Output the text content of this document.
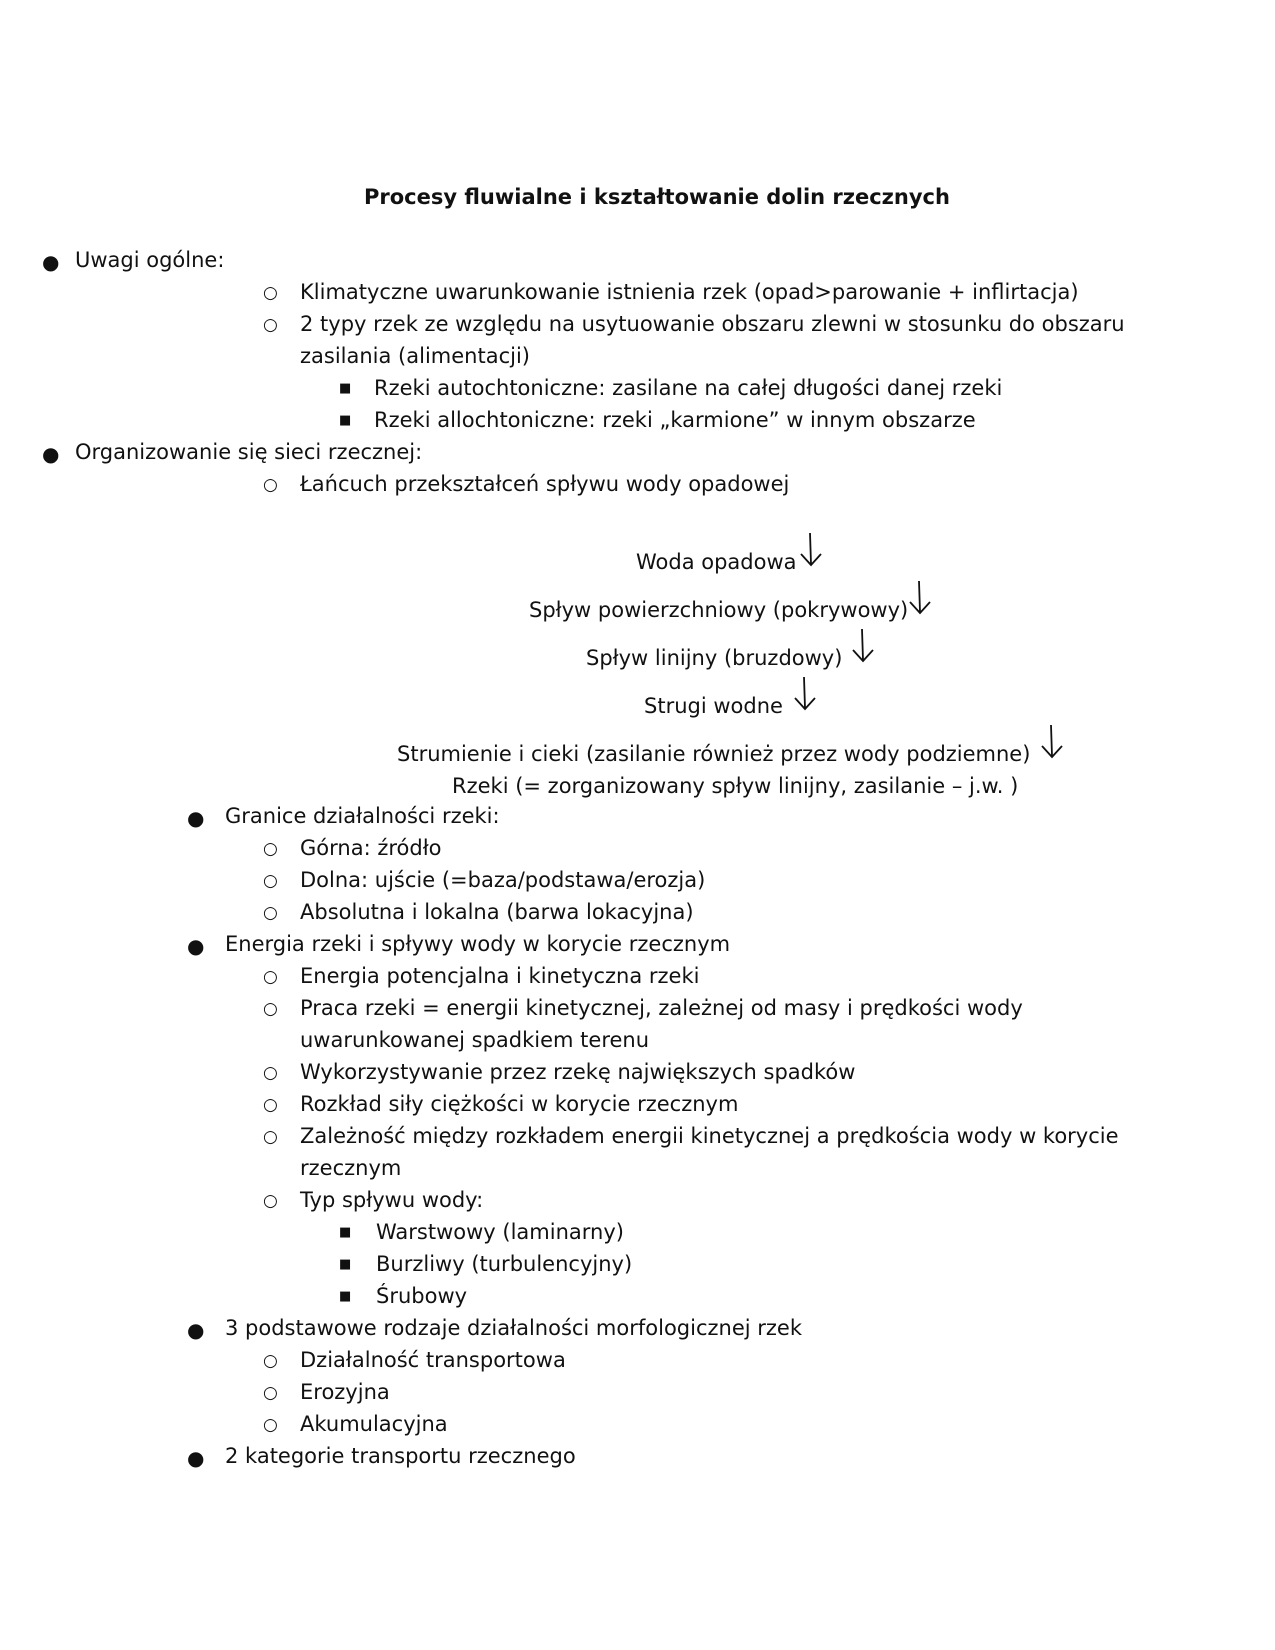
Procesy fluwialne i kształtowanie dolin rzecznych
● Uwagi ogólne:
○ Klimatyczne uwarunkowanie istnienia rzek (opad>parowanie + inflirtacja)
○ 2 typy rzek ze względu na usytuowanie obszaru zlewni w stosunku do obszaru
zasilania (alimentacji)
■ Rzeki autochtoniczne: zasilane na całej długości danej rzeki
■ Rzeki allochtoniczne: rzeki „karmione” w innym obszarze
● Organizowanie się sieci rzecznej:
○ Łańcuch przekształceń spływu wody opadowej
Woda opadowa
Spływ powierzchniowy (pokrywowy)
Spływ linijny (bruzdowy)
Strugi wodne
Strumienie i cieki (zasilanie również przez wody podziemne)
Rzeki (= zorganizowany spływ linijny, zasilanie – j.w. )
● Granice działalności rzeki:
○ Górna: źródło
○ Dolna: ujście (=baza/podstawa/erozja)
○ Absolutna i lokalna (barwa lokacyjna)
● Energia rzeki i spływy wody w korycie rzecznym
○ Energia potencjalna i kinetyczna rzeki
○ Praca rzeki = energii kinetycznej, zależnej od masy i prędkości wody
uwarunkowanej spadkiem terenu
○ Wykorzystywanie przez rzekę największych spadków
○ Rozkład siły ciężkości w korycie rzecznym
○ Zależność między rozkładem energii kinetycznej a prędkościa wody w korycie
rzecznym
○ Typ spływu wody:
■ Warstwowy (laminarny)
■ Burzliwy (turbulencyjny)
■ Śrubowy
● 3 podstawowe rodzaje działalności morfologicznej rzek
○ Działalność transportowa
○ Erozyjna
○ Akumulacyjna
● 2 kategorie transportu rzecznego
